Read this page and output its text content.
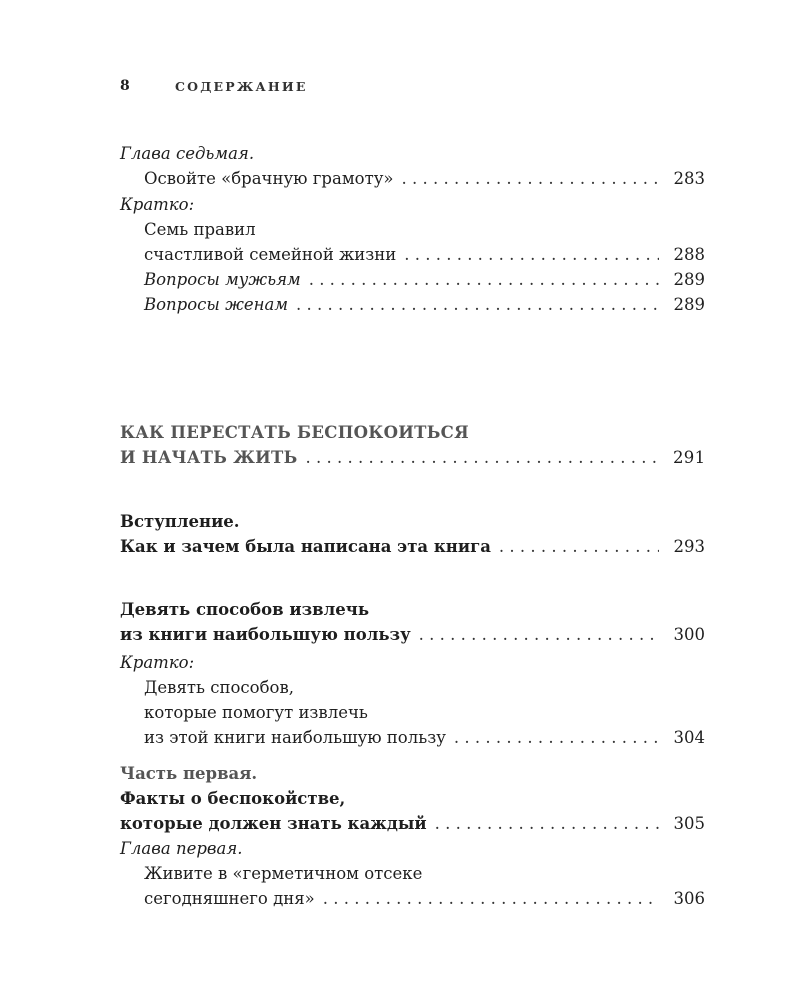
8	СОДЕРЖАНИЕ
Глава седьмая.
Освойте «брачную грамоту» . . .	283
Кратко:
Семь правил
счастливой семейной жизни . . .	288
Вопросы мужьям . . .	289
Вопросы женам . . .	289
КАК ПЕРЕСТАТЬ БЕСПОКОИТЬСЯ
И НАЧАТЬ ЖИТЬ . . .	291
Вступление.
Как и зачем была написана эта книга . . .	293
Девять способов извлечь
из книги наибольшую пользу . . .	300
Кратко:
Девять способов,
которые помогут извлечь
из этой книги наибольшую пользу . . .	304
Часть первая.
Факты о беспокойстве,
которые должен знать каждый . . .	305
Глава первая.
Живите в «герметичном отсеке
сегодняшнего дня» . . .	306
